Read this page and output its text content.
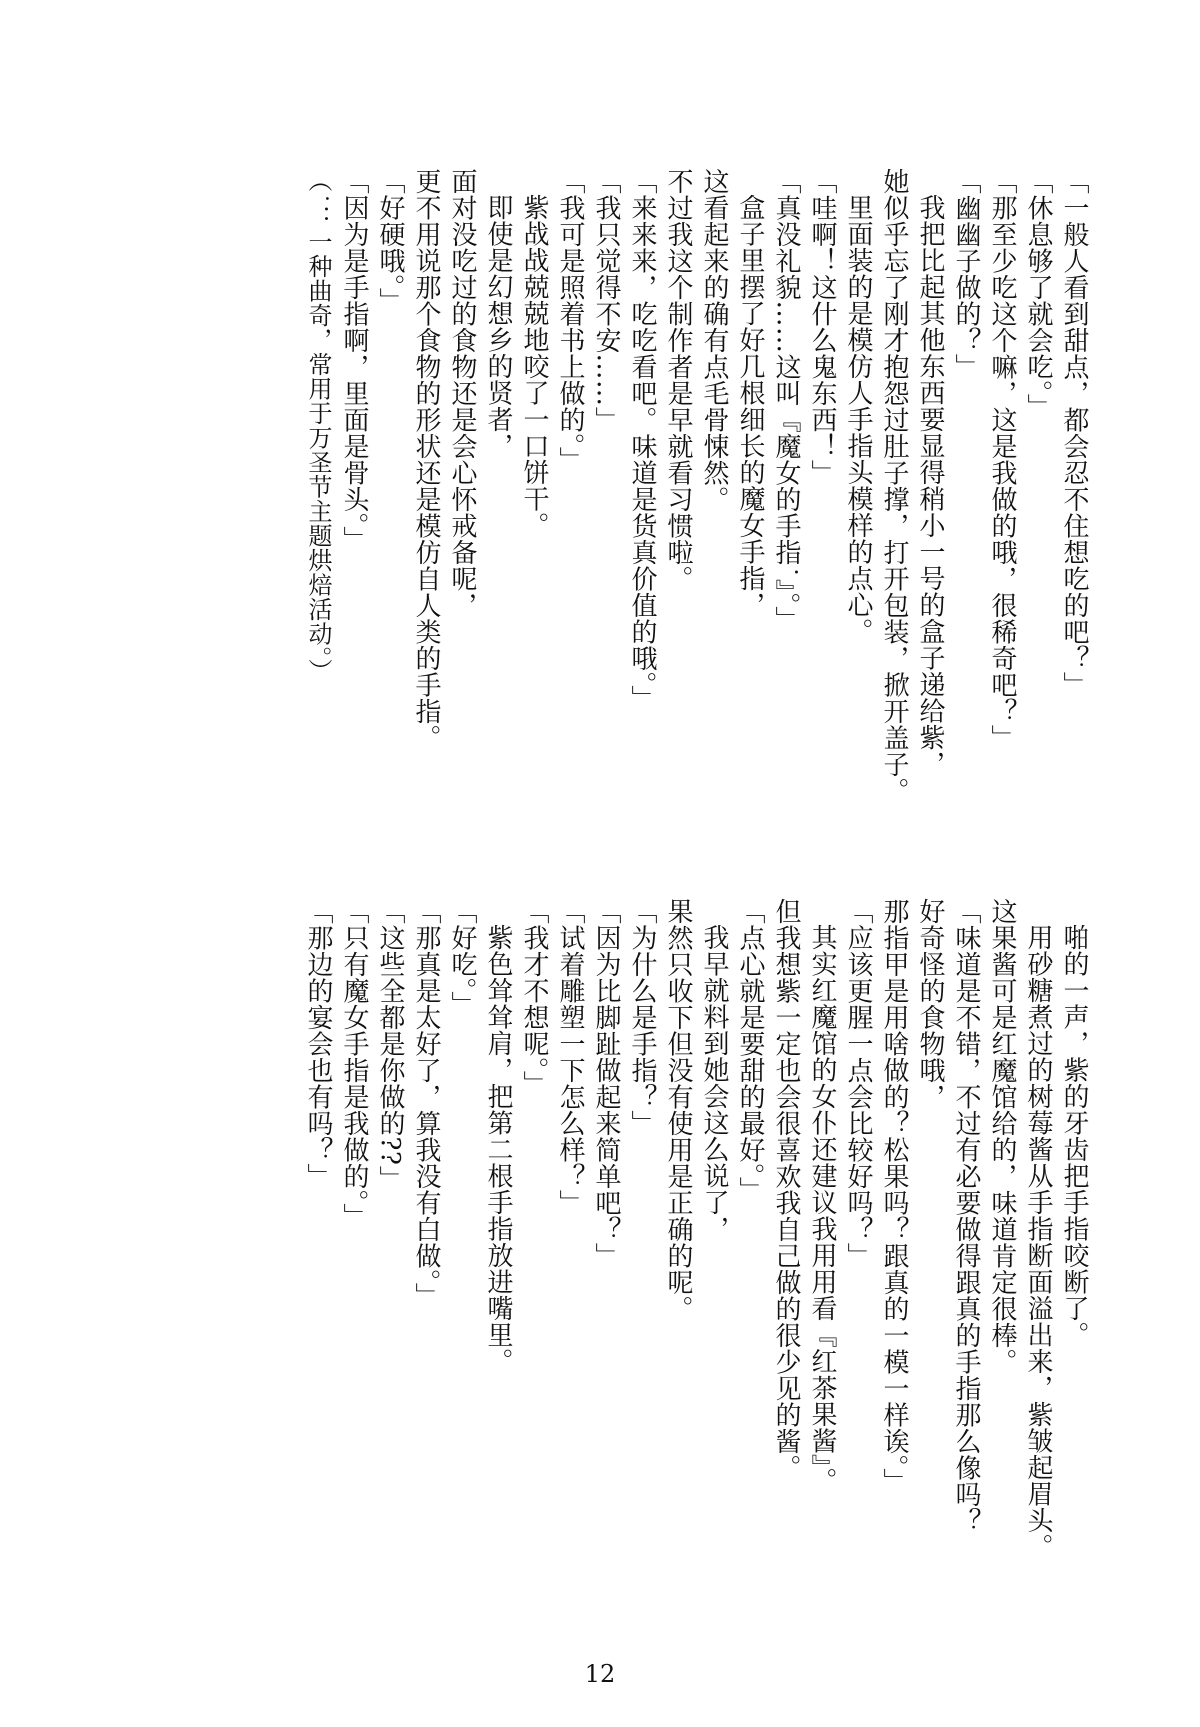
「一般人看到甜点，都会忍不住想吃的吧？」

「休息够了就会吃。」

「那至少吃这个嘛，这是我做的哦，很稀奇吧？」

「幽幽子做的？」

我把比起其他东西要显得稍小一号的盒子递给紫，

她似乎忘了刚才抱怨过肚子撑，打开包装，掀开盖子。

里面装的是模仿人手指头模样的点心。

「哇啊！这什么鬼东西！」

「真没礼貌……这叫『魔女的手指˙』。」

盒子里摆了好几根细长的魔女手指，

这看起来的确有点毛骨悚然。

不过我这个制作者是早就看习惯啦。

「来来来，吃吃看吧。味道是货真价值的哦。」

「我只觉得不安……」

「我可是照着书上做的。」

紫战战兢兢地咬了一口饼干。

即使是幻想乡的贤者，

面对没吃过的食物还是会心怀戒备呢，

更不用说那个食物的形状还是模仿自人类的手指。

「好硬哦。」

「因为是手指啊，里面是骨头。」

（˙：一种曲奇，常用于万圣节主题烘焙活动。）

啪的一声，紫的牙齿把手指咬断了。

用砂糖煮过的树莓酱从手指断面溢出来，紫皱起眉头。

这果酱可是红魔馆给的，味道肯定很棒。

「味道是不错，不过有必要做得跟真的手指那么像吗？

好奇怪的食物哦，

那指甲是用啥做的？松果吗？跟真的一模一样诶。」

「应该更腥一点会比较好吗？」

其实红魔馆的女仆还建议我用用看『红茶果酱』。

但我想紫一定也会很喜欢我自己做的很少见的酱。

「点心就是要甜的最好。」

我早就料到她会这么说了，

果然只收下但没有使用是正确的呢。

「为什么是手指？」

「因为比脚趾做起来简单吧？」

「试着雕塑一下怎么样？」

「我才不想呢。」

紫色耸耸肩，把第二根手指放进嘴里。

「好吃。」

「那真是太好了，算我没有白做。」

「这些全都是你做的??」

「只有魔女手指是我做的。」

「那边的宴会也有吗？」

12
